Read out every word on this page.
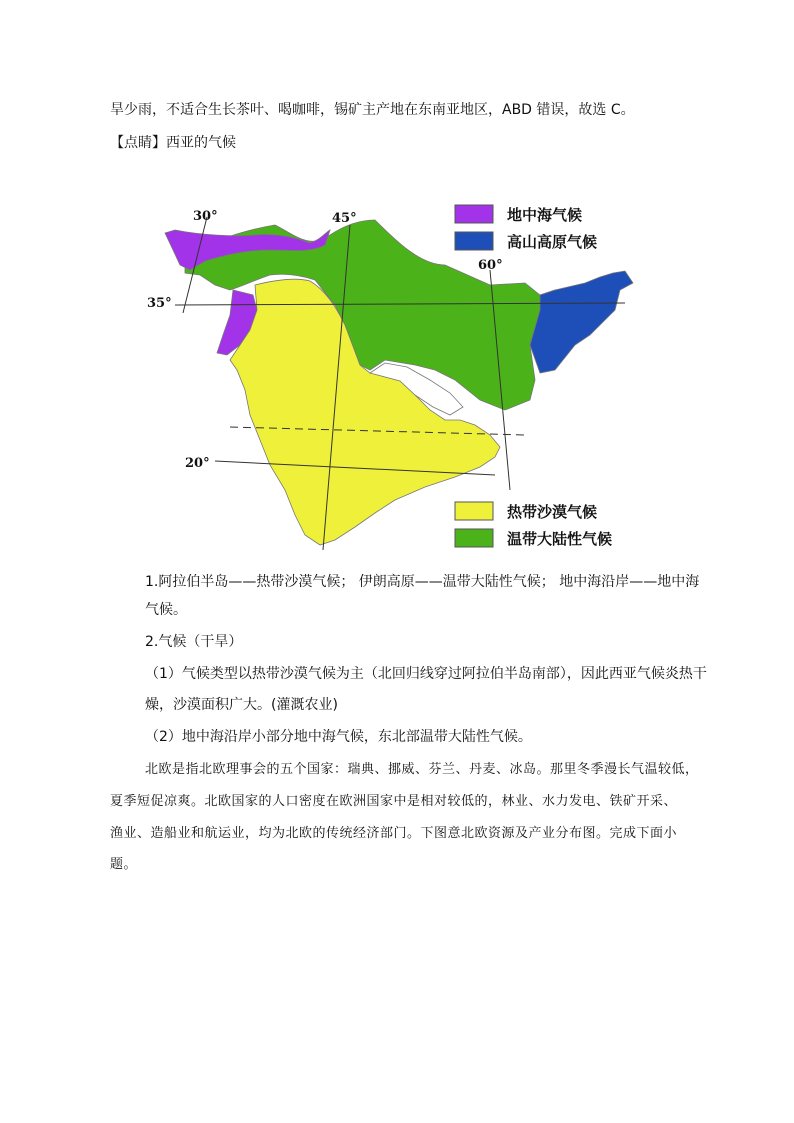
旱少雨，不适合生长茶叶、喝咖啡，锡矿主产地在东南亚地区，ABD 错误，故选 C。
【点睛】西亚的气候
30°	45°
60°
35°
20°
地中海气候
高山高原气候
热带沙漠气候
温带大陆性气候
1.阿拉伯半岛——热带沙漠气候； 伊朗高原——温带大陆性气候； 地中海沿岸——地中海
气候。
2.气候（干旱）
（1）气候类型以热带沙漠气候为主（北回归线穿过阿拉伯半岛南部），因此西亚气候炎热干
燥，沙漠面积广大。(灌溉农业)
（2）地中海沿岸小部分地中海气候，东北部温带大陆性气候。
北欧是指北欧理事会的五个国家：瑞典、挪威、芬兰、丹麦、冰岛。那里冬季漫长气温较低，
夏季短促凉爽。北欧国家的人口密度在欧洲国家中是相对较低的，林业、水力发电、铁矿开采、
渔业、造船业和航运业，均为北欧的传统经济部门。下图意北欧资源及产业分布图。完成下面小
题。
